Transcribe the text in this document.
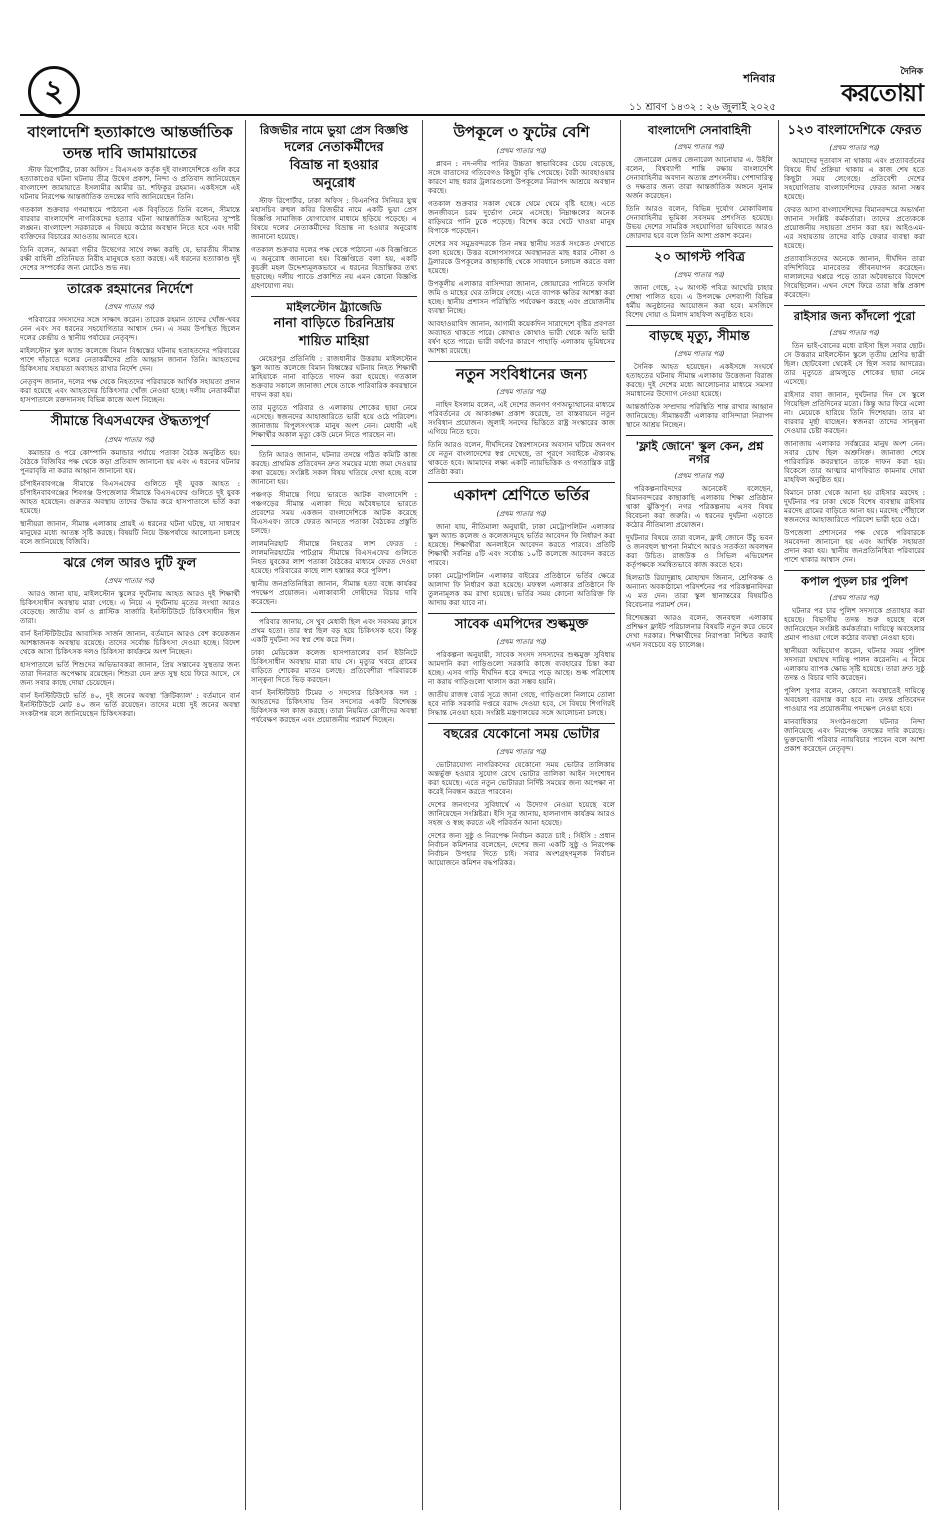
২	শনিবার	দৈনিক
করতোয়া
১১ শ্রাবণ ১৪৩২ : ২৬ জুলাই ২০২৫
বাংলাদেশি হত্যাকাণ্ডে আন্তর্জাতিক
তদন্ত দাবি জামায়াতের

স্টাফ রিপোর্টার, ঢাকা অফিস : বিএসএফ কর্তৃক দুই বাংলাদেশিকে গুলি করে হত্যাকাণ্ডের ঘটনা ঘটনায় তীব্র উদ্বেগ প্রকাশ, নিন্দা ও প্রতিবাদ জানিয়েছেন বাংলাদেশ জামায়াতে ইসলামীর আমীর ডা. শফিকুর রহমান। একইসঙ্গে এই ঘটনায় নিরপেক্ষ আন্তর্জাতিক তদন্তের দাবি জানিয়েছেন তিনি।

গতকাল শুক্রবার গণমাধ্যমে পাঠানো এক বিবৃতিতে তিনি বলেন, সীমান্তে বারবার বাংলাদেশি নাগরিকদের হত্যার ঘটনা আন্তর্জাতিক আইনের সুস্পষ্ট লঙ্ঘন। বাংলাদেশ সরকারকে এ বিষয়ে কঠোর অবস্থান নিতে হবে এবং দায়ী ব্যক্তিদের বিচারের আওতায় আনতে হবে।

তিনি বলেন, আমরা গভীর উদ্বেগের সাথে লক্ষ্য করছি যে, ভারতীয় সীমান্ত রক্ষী বাহিনী প্রতিনিয়ত নিরীহ মানুষকে হত্যা করছে। এই ধরনের হত্যাকাণ্ড দুই দেশের সম্পর্কের জন্য মোটেও শুভ নয়।

তারেক রহমানের নির্দেশে
(প্রথম পাতার পর)

পরিবারের সদস্যদের সঙ্গে সাক্ষাৎ করেন। তারেক রহমান তাদের খোঁজ-খবর নেন এবং সব ধরনের সহযোগিতার আশ্বাস দেন। এ সময় উপস্থিত ছিলেন দলের কেন্দ্রীয় ও স্থানীয় পর্যায়ের নেতৃবৃন্দ।

মাইলস্টোন স্কুল অ্যান্ড কলেজে বিমান বিধ্বস্তের ঘটনায় হতাহতদের পরিবারের পাশে দাঁড়াতে দলের নেতাকর্মীদের প্রতি আহ্বান জানান তিনি। আহতদের চিকিৎসায় সহায়তা অব্যাহত রাখার নির্দেশ দেন।

নেতৃবৃন্দ জানান, দলের পক্ষ থেকে নিহতদের পরিবারকে আর্থিক সহায়তা প্রদান করা হয়েছে এবং আহতদের চিকিৎসার খোঁজ নেওয়া হচ্ছে। দলীয় নেতাকর্মীরা হাসপাতালে রক্তদানসহ বিভিন্ন কাজে অংশ নিচ্ছেন।

সীমান্তে বিএসএফের ঔদ্ধত্যপূর্ণ
(প্রথম পাতার পর)

কমান্ডার ও পরে কোম্পানি কমান্ডার পর্যায়ে পতাকা বৈঠক অনুষ্ঠিত হয়। বৈঠকে বিজিবির পক্ষ থেকে কড়া প্রতিবাদ জানানো হয় এবং এ ধরনের ঘটনার পুনরাবৃত্তি না করার আহ্বান জানানো হয়।

চাঁপাইনবাবগঞ্জে সীমান্তে বিএসএফের গুলিতে দুই যুবক আহত : চাঁপাইনবাবগঞ্জের শিবগঞ্জ উপজেলার সীমান্তে বিএসএফের গুলিতে দুই যুবক আহত হয়েছেন। গুরুতর অবস্থায় তাদের উদ্ধার করে হাসপাতালে ভর্তি করা হয়েছে।

স্থানীয়রা জানান, সীমান্ত এলাকায় প্রায়ই এ ধরনের ঘটনা ঘটছে, যা সাধারণ মানুষের মধ্যে আতঙ্ক সৃষ্টি করছে। বিষয়টি নিয়ে উচ্চপর্যায়ে আলোচনা চলছে বলে জানিয়েছে বিজিবি।

ঝরে গেল আরও দুটি ফুল
(প্রথম পাতার পর)

আরও জানা যায়, মাইলস্টোন স্কুলের দুর্ঘটনায় আহত আরও দুই শিক্ষার্থী চিকিৎসাধীন অবস্থায় মারা গেছে। এ নিয়ে এ দুর্ঘটনায় মৃতের সংখ্যা আরও বেড়েছে। জাতীয় বার্ন ও প্লাস্টিক সার্জারি ইনস্টিটিউটে চিকিৎসাধীন ছিল তারা।

বার্ন ইনস্টিটিউটের আবাসিক সার্জন জানান, বর্তমানে আরও বেশ কয়েকজন আশঙ্কাজনক অবস্থায় রয়েছে। তাদের সর্বোচ্চ চিকিৎসা দেওয়া হচ্ছে। বিদেশ থেকে আসা চিকিৎসক দলও চিকিৎসা কার্যক্রমে অংশ নিচ্ছেন।

হাসপাতালে ভর্তি শিশুদের অভিভাবকরা জানান, প্রিয় সন্তানের সুস্থতার জন্য তারা দিনরাত অপেক্ষায় রয়েছেন। শিশুরা যেন দ্রুত সুস্থ হয়ে ফিরে আসে, সে জন্য সবার কাছে দোয়া চেয়েছেন।

বার্ন ইনস্টিটিউটে ভর্তি ৪০, দুই জনের অবস্থা 'ক্রিটিক্যাল' : বর্তমানে বার্ন ইনস্টিটিউটে মোট ৪০ জন ভর্তি রয়েছেন। তাদের মধ্যে দুই জনের অবস্থা সংকটাপন্ন বলে জানিয়েছেন চিকিৎসকরা।

রিজভীর নামে ভুয়া প্রেস বিজ্ঞপ্তি
দলের নেতাকর্মীদের
বিভ্রান্ত না হওয়ার
অনুরোধ

স্টাফ রিপোর্টার, ঢাকা অফিস : বিএনপির সিনিয়র যুগ্ম মহাসচিব রুহুল কবির রিজভীর নামে একটি ভুয়া প্রেস বিজ্ঞপ্তি সামাজিক যোগাযোগ মাধ্যমে ছড়িয়ে পড়েছে। এ বিষয়ে দলের নেতাকর্মীদের বিভ্রান্ত না হওয়ার অনুরোধ জানানো হয়েছে।

গতকাল শুক্রবার দলের পক্ষ থেকে পাঠানো এক বিজ্ঞপ্তিতে এ অনুরোধ জানানো হয়। বিজ্ঞপ্তিতে বলা হয়, একটি কুচক্রী মহল উদ্দেশ্যমূলকভাবে এ ধরনের বিভ্রান্তিকর তথ্য ছড়াচ্ছে। দলীয় প্যাডে প্রকাশিত নয় এমন কোনো বিজ্ঞপ্তি গ্রহণযোগ্য নয়।

মাইলস্টোন ট্র্যাজেডি
নানা বাড়িতে চিরনিদ্রায়
শায়িত মাহিয়া

মেহেরপুর প্রতিনিধি : রাজধানীর উত্তরায় মাইলস্টোন স্কুল অ্যান্ড কলেজে বিমান বিধ্বস্তের ঘটনায় নিহত শিক্ষার্থী মাহিয়াকে নানা বাড়িতে দাফন করা হয়েছে। গতকাল শুক্রবার সকালে জানাজা শেষে তাকে পারিবারিক কবরস্থানে দাফন করা হয়।

তার মৃত্যুতে পরিবার ও এলাকায় শোকের ছায়া নেমে এসেছে। স্বজনদের আহাজারিতে ভারী হয়ে ওঠে পরিবেশ। জানাজায় বিপুলসংখ্যক মানুষ অংশ নেন। মেধাবী এই শিক্ষার্থীর অকাল মৃত্যু কেউ মেনে নিতে পারছেন না।

তিনি আরও জানান, ঘটনার তদন্তে গঠিত কমিটি কাজ করছে। প্রাথমিক প্রতিবেদন দ্রুত সময়ের মধ্যে জমা দেওয়ার কথা রয়েছে। সংশ্লিষ্ট সকল বিষয় খতিয়ে দেখা হচ্ছে বলে জানানো হয়।

পঞ্চগড় সীমান্তে গিয়ে ভারতে আটক বাংলাদেশি : পঞ্চগড়ের সীমান্ত এলাকা দিয়ে অবৈধভাবে ভারতে প্রবেশের সময় একজন বাংলাদেশিকে আটক করেছে বিএসএফ। তাকে ফেরত আনতে পতাকা বৈঠকের প্রস্তুতি চলছে।

লালমনিরহাট সীমান্তে নিহতের লাশ ফেরত : লালমনিরহাটের পাটগ্রাম সীমান্তে বিএসএফের গুলিতে নিহত যুবকের লাশ পতাকা বৈঠকের মাধ্যমে ফেরত দেওয়া হয়েছে। পরিবারের কাছে লাশ হস্তান্তর করে পুলিশ।

স্থানীয় জনপ্রতিনিধিরা জানান, সীমান্ত হত্যা বন্ধে কার্যকর পদক্ষেপ প্রয়োজন। এলাকাবাসী দোষীদের বিচার দাবি করেছেন।

পরিবার জানায়, সে খুব মেধাবী ছিল এবং সবসময় ক্লাসে প্রথম হতো। তার স্বপ্ন ছিল বড় হয়ে চিকিৎসক হবে। কিন্তু একটি দুর্ঘটনা সব স্বপ্ন শেষ করে দিল।

ঢাকা মেডিকেল কলেজ হাসপাতালের বার্ন ইউনিটে চিকিৎসাধীন অবস্থায় মারা যায় সে। মৃত্যুর খবরে গ্রামের বাড়িতে শোকের মাতম চলছে। প্রতিবেশীরা পরিবারকে সান্ত্বনা দিতে ভিড় করছেন।

বার্ন ইনস্টিটিউট টিমের ৩ সদস্যের চিকিৎসক দল : আহতদের চিকিৎসায় তিন সদস্যের একটি বিশেষজ্ঞ চিকিৎসক দল কাজ করছে। তারা নিয়মিত রোগীদের অবস্থা পর্যবেক্ষণ করছেন এবং প্রয়োজনীয় পরামর্শ দিচ্ছেন।

উপকূলে ৩ ফুটের বেশি
(প্রথম পাতার পর)

প্লাবন : নদ-নদীর পানির উচ্চতা স্বাভাবিকের চেয়ে বেড়েছে, সঙ্গে বাতাসের গতিবেগও কিছুটা বৃদ্ধি পেয়েছে। বৈরী আবহাওয়ার কারণে মাছ ধরার ট্রলারগুলো উপকূলের নিরাপদ আশ্রয়ে অবস্থান করছে।

গতকাল শুক্রবার সকাল থেকে থেমে থেমে বৃষ্টি হচ্ছে। এতে জনজীবনে চরম দুর্ভোগ নেমে এসেছে। নিম্নাঞ্চলের অনেক বাড়িঘরে পানি ঢুকে পড়েছে। বিশেষ করে খেটে খাওয়া মানুষ বিপাকে পড়েছেন।

দেশের সব সমুদ্রবন্দরকে তিন নম্বর স্থানীয় সতর্ক সংকেত দেখাতে বলা হয়েছে। উত্তর বঙ্গোপসাগরে অবস্থানরত মাছ ধরার নৌকা ও ট্রলারকে উপকূলের কাছাকাছি থেকে সাবধানে চলাচল করতে বলা হয়েছে।

উপকূলীয় এলাকার বাসিন্দারা জানান, জোয়ারের পানিতে ফসলি জমি ও মাছের ঘের তলিয়ে গেছে। এতে ব্যাপক ক্ষতির আশঙ্কা করা হচ্ছে। স্থানীয় প্রশাসন পরিস্থিতি পর্যবেক্ষণ করছে এবং প্রয়োজনীয় ব্যবস্থা নিচ্ছে।

আবহাওয়াবিদ জানান, আগামী কয়েকদিন সারাদেশে বৃষ্টির প্রবণতা অব্যাহত থাকতে পারে। কোথাও কোথাও ভারী থেকে অতি ভারী বর্ষণ হতে পারে। ভারী বর্ষণের কারণে পাহাড়ি এলাকায় ভূমিধসের আশঙ্কা রয়েছে।

নতুন সংবিধানের জন্য
(প্রথম পাতার পর)

নাহিদ ইসলাম বলেন, এই দেশের জনগণ গণঅভ্যুত্থানের মাধ্যমে পরিবর্তনের যে আকাঙ্ক্ষা প্রকাশ করেছে, তা বাস্তবায়নে নতুন সংবিধান প্রয়োজন। জুলাই সনদের ভিত্তিতে রাষ্ট্র সংস্কারের কাজ এগিয়ে নিতে হবে।

তিনি আরও বলেন, দীর্ঘদিনের স্বৈরশাসনের অবসান ঘটিয়ে জনগণ যে নতুন বাংলাদেশের স্বপ্ন দেখেছে, তা পূরণে সবাইকে ঐক্যবদ্ধ থাকতে হবে। আমাদের লক্ষ্য একটি ন্যায়ভিত্তিক ও গণতান্ত্রিক রাষ্ট্র প্রতিষ্ঠা করা।

একাদশ শ্রেণিতে ভর্তির
(প্রথম পাতার পর)

জানা যায়, নীতিমালা অনুযায়ী, ঢাকা মেট্রোপলিটন এলাকার স্কুল অ্যান্ড কলেজ ও কলেজসমূহে ভর্তির আবেদন ফি নির্ধারণ করা হয়েছে। শিক্ষার্থীরা অনলাইনে আবেদন করতে পারবে। প্রতিটি শিক্ষার্থী সর্বনিম্ন ৫টি এবং সর্বোচ্চ ১০টি কলেজে আবেদন করতে পারবে।

ঢাকা মেট্রোপলিটন এলাকার বাইরের প্রতিষ্ঠানে ভর্তির ক্ষেত্রে আলাদা ফি নির্ধারণ করা হয়েছে। মফস্বল এলাকার প্রতিষ্ঠানে ফি তুলনামূলক কম রাখা হয়েছে। ভর্তির সময় কোনো অতিরিক্ত ফি আদায় করা যাবে না।

সাবেক এমপিদের শুল্কমুক্ত
(প্রথম পাতার পর)

পরিকল্পনা অনুযায়ী, সাবেক সংসদ সদস্যদের শুল্কমুক্ত সুবিধায় আমদানি করা গাড়িগুলো সরকারি কাজে ব্যবহারের চিন্তা করা হচ্ছে। এসব গাড়ি দীর্ঘদিন ধরে বন্দরে পড়ে আছে। শুল্ক পরিশোধ না করায় গাড়িগুলো খালাস করা সম্ভব হয়নি।

জাতীয় রাজস্ব বোর্ড সূত্রে জানা গেছে, গাড়িগুলো নিলামে তোলা হবে নাকি সরকারি দপ্তরে বরাদ্দ দেওয়া হবে, সে বিষয়ে শিগগিরই সিদ্ধান্ত নেওয়া হবে। সংশ্লিষ্ট মন্ত্রণালয়ের সঙ্গে আলোচনা চলছে।

বছরের যেকোনো সময় ভোটার
(প্রথম পাতার পর)

ভোটারযোগ্য নাগরিকদের যেকোনো সময় ভোটার তালিকায় অন্তর্ভুক্ত হওয়ার সুযোগ রেখে ভোটার তালিকা আইন সংশোধন করা হয়েছে। এতে নতুন ভোটাররা নির্দিষ্ট সময়ের জন্য অপেক্ষা না করেই নিবন্ধন করতে পারবেন।

দেশের জনগণের সুবিধার্থে এ উদ্যোগ নেওয়া হয়েছে বলে জানিয়েছেন সংশ্লিষ্টরা। ইসি সূত্র জানায়, হালনাগাদ কার্যক্রম আরও সহজ ও স্বচ্ছ করতে এই পরিবর্তন আনা হয়েছে।

দেশের জন্য সুষ্ঠু ও নিরপেক্ষ নির্বাচন করতে চাই : সিইসি : প্রধান নির্বাচন কমিশনার বলেছেন, দেশের জন্য একটি সুষ্ঠু ও নিরপেক্ষ নির্বাচন উপহার দিতে চাই। সবার অংশগ্রহণমূলক নির্বাচন আয়োজনে কমিশন বদ্ধপরিকর।

বাংলাদেশি সেনাবাহিনী
(প্রথম পাতার পর)

জেনারেল মেজর জেনারেল আনোয়ার এ. উইলি বলেন, বিশ্বব্যাপী শান্তি রক্ষায় বাংলাদেশি সেনাবাহিনীর অবদান অত্যন্ত প্রশংসনীয়। পেশাদারিত্ব ও দক্ষতার জন্য তারা আন্তর্জাতিক অঙ্গনে সুনাম অর্জন করেছেন।

তিনি আরও বলেন, বিভিন্ন দুর্যোগ মোকাবিলায় সেনাবাহিনীর ভূমিকা সবসময় প্রশংসিত হয়েছে। উভয় দেশের সামরিক সহযোগিতা ভবিষ্যতে আরও জোরদার হবে বলে তিনি আশা প্রকাশ করেন।

২০ আগস্ট পবিত্র
(প্রথম পাতার পর)

জানা গেছে, ২০ আগস্ট পবিত্র আখেরি চাহার শোম্বা পালিত হবে। এ উপলক্ষে দেশব্যাপী বিভিন্ন ধর্মীয় অনুষ্ঠানের আয়োজন করা হবে। মসজিদে বিশেষ দোয়া ও মিলাদ মাহফিল অনুষ্ঠিত হবে।

বাড়ছে মৃত্যু, সীমান্ত
(প্রথম পাতার পর)

সৈনিক আহত হয়েছেন। একইসঙ্গে সংঘর্ষে হতাহতের ঘটনায় সীমান্ত এলাকায় উত্তেজনা বিরাজ করছে। দুই দেশের মধ্যে আলোচনার মাধ্যমে সমস্যা সমাধানের উদ্যোগ নেওয়া হয়েছে।

আন্তর্জাতিক সম্প্রদায় পরিস্থিতি শান্ত রাখার আহ্বান জানিয়েছে। সীমান্তবর্তী এলাকার বাসিন্দারা নিরাপদ স্থানে আশ্রয় নিচ্ছেন।

'ফ্লাই জোনে' স্কুল কেন, প্রশ্ন নগর
(প্রথম পাতার পর)

পরিকল্পনাবিদদের অনেকেই বলেছেন, বিমানবন্দরের কাছাকাছি এলাকায় শিক্ষা প্রতিষ্ঠান থাকা ঝুঁকিপূর্ণ। নগর পরিকল্পনায় এসব বিষয় বিবেচনা করা জরুরি। এ ধরনের দুর্ঘটনা এড়াতে কঠোর নীতিমালা প্রয়োজন।

দুর্ঘটনার বিষয়ে তারা বলেন, ফ্লাই জোনে উঁচু ভবন ও জনবহুল স্থাপনা নির্মাণে আরও সতর্কতা অবলম্বন করা উচিত। রাজউক ও সিভিল এভিয়েশন কর্তৃপক্ষকে সমন্বিতভাবে কাজ করতে হবে।

হিলভাউ রিয়াদুল্লাহ মোহাম্মদ জিনান, শ্রেণিকক্ষ ও অন্যান্য অবকাঠামো পরিদর্শনের পর পরিকল্পনাবিদরা এ মত দেন। তারা স্কুল স্থানান্তরের বিষয়টিও বিবেচনার পরামর্শ দেন।

বিশেষজ্ঞরা আরও বলেন, জনবহুল এলাকায় প্রশিক্ষণ ফ্লাইট পরিচালনার বিষয়টি নতুন করে ভেবে দেখা দরকার। শিক্ষার্থীদের নিরাপত্তা নিশ্চিত করাই এখন সবচেয়ে বড় চ্যালেঞ্জ।

১২৩ বাংলাদেশিকে ফেরত
(প্রথম পাতার পর)

আমাদের দূতাবাস না থাকায় এবং প্রত্যাবর্তনের বিষয়ে দীর্ঘ প্রক্রিয়া থাকায় এ কাজ শেষ হতে কিছুটা সময় লেগেছে। প্রতিবেশী দেশের সহযোগিতায় বাংলাদেশিদের ফেরত আনা সম্ভব হয়েছে।

ফেরত আসা বাংলাদেশিদের বিমানবন্দরে অভ্যর্থনা জানান সংশ্লিষ্ট কর্মকর্তারা। তাদের প্রত্যেককে প্রয়োজনীয় সহায়তা প্রদান করা হয়। আইওএম-এর সহায়তায় তাদের বাড়ি ফেরার ব্যবস্থা করা হয়েছে।

প্রত্যাবাসিতদের অনেকে জানান, দীর্ঘদিন তারা বন্দিশিবিরে মানবেতর জীবনযাপন করেছেন। দালালদের খপ্পরে পড়ে তারা অবৈধভাবে বিদেশে গিয়েছিলেন। এখন দেশে ফিরে তারা স্বস্তি প্রকাশ করেছেন।

রাইসার জন্য কাঁদলো পুরো
(প্রথম পাতার পর)

তিন ভাই-বোনের মধ্যে রাইসা ছিল সবার ছোট। সে উত্তরার মাইলস্টোন স্কুলে তৃতীয় শ্রেণির ছাত্রী ছিল। ছোটবেলা থেকেই সে ছিল সবার আদরের। তার মৃত্যুতে গ্রামজুড়ে শোকের ছায়া নেমে এসেছে।

রাইসার বাবা জানান, দুর্ঘটনার দিন সে স্কুলে গিয়েছিল প্রতিদিনের মতো। কিন্তু আর ফিরে এলো না। মেয়েকে হারিয়ে তিনি দিশেহারা। তার মা বারবার মূর্ছা যাচ্ছেন। স্বজনরা তাদের সান্ত্বনা দেওয়ার চেষ্টা করছেন।

জানাজায় এলাকার সর্বস্তরের মানুষ অংশ নেন। সবার চোখ ছিল অশ্রুসিক্ত। জানাজা শেষে পারিবারিক কবরস্থানে তাকে দাফন করা হয়। বিকেলে তার আত্মার মাগফিরাত কামনায় দোয়া মাহফিল অনুষ্ঠিত হয়।

বিমানে ঢাকা থেকে আনা হয় রাইসার মরদেহ : দুর্ঘটনার পর ঢাকা থেকে বিশেষ ব্যবস্থায় রাইসার মরদেহ গ্রামের বাড়িতে আনা হয়। মরদেহ পৌঁছালে স্বজনদের আহাজারিতে পরিবেশ ভারী হয়ে ওঠে।

উপজেলা প্রশাসনের পক্ষ থেকে পরিবারকে সমবেদনা জানানো হয় এবং আর্থিক সহায়তা প্রদান করা হয়। স্থানীয় জনপ্রতিনিধিরা পরিবারের পাশে থাকার আশ্বাস দেন।

কপাল পুড়ল চার পুলিশ
(প্রথম পাতার পর)

ঘটনার পর চার পুলিশ সদস্যকে প্রত্যাহার করা হয়েছে। বিভাগীয় তদন্ত শুরু হয়েছে বলে জানিয়েছেন সংশ্লিষ্ট কর্মকর্তারা। দায়িত্বে অবহেলার প্রমাণ পাওয়া গেলে কঠোর ব্যবস্থা নেওয়া হবে।

স্থানীয়রা অভিযোগ করেন, ঘটনার সময় পুলিশ সদস্যরা যথাযথ দায়িত্ব পালন করেননি। এ নিয়ে এলাকায় ব্যাপক ক্ষোভ সৃষ্টি হয়েছে। তারা দ্রুত সুষ্ঠু তদন্ত ও বিচার দাবি করেছেন।

পুলিশ সুপার বলেন, কোনো অবস্থাতেই দায়িত্বে অবহেলা বরদাস্ত করা হবে না। তদন্ত প্রতিবেদন পাওয়ার পর প্রয়োজনীয় পদক্ষেপ নেওয়া হবে।

মানবাধিকার সংগঠনগুলো ঘটনার নিন্দা জানিয়েছে এবং নিরপেক্ষ তদন্তের দাবি করেছে। ভুক্তভোগী পরিবার ন্যায়বিচার পাবেন বলে আশা প্রকাশ করেছেন নেতৃবৃন্দ।
